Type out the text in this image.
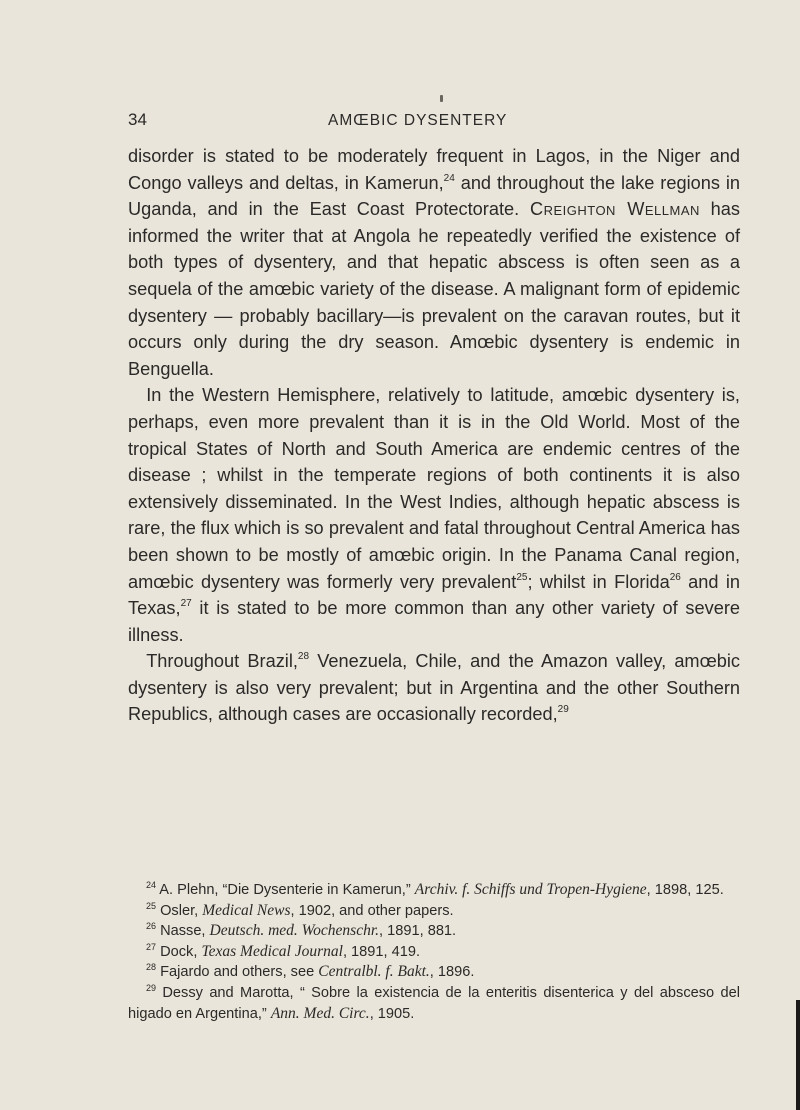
34	AMŒBIC DYSENTERY

disorder is stated to be moderately frequent in Lagos, in the Niger and Congo valleys and deltas, in Kamerun,$^{24}$ and throughout the lake regions in Uganda, and in the East Coast Protectorate. Creighton Wellman has informed the writer that at Angola he repeatedly verified the existence of both types of dysentery, and that hepatic abscess is often seen as a sequela of the amœbic variety of the disease. A malignant form of epidemic dysentery — probably bacillary—is prevalent on the caravan routes, but it occurs only during the dry season. Amœbic dysentery is endemic in Benguella.

 In the Western Hemisphere, relatively to latitude, amœbic dysentery is, perhaps, even more prevalent than it is in the Old World. Most of the tropical States of North and South America are endemic centres of the disease ; whilst in the temperate regions of both continents it is also extensively disseminated. In the West Indies, although hepatic abscess is rare, the flux which is so prevalent and fatal throughout Central America has been shown to be mostly of amœbic origin. In the Panama Canal region, amœbic dysentery was formerly very prevalent$^{25}$; whilst in Florida$^{26}$ and in Texas,$^{27}$ it is stated to be more common than any other variety of severe illness.

 Throughout Brazil,$^{28}$ Venezuela, Chile, and the Amazon valley, amœbic dysentery is also very prevalent; but in Argentina and the other Southern Republics, although cases are occasionally recorded,$^{29}$

$^{24}$ A. Plehn, “Die Dysenterie in Kamerun,” Archiv. f. Schiffs und Tropen-Hygiene, 1898, 125.

$^{25}$ Osler, Medical News, 1902, and other papers.

$^{26}$ Nasse, Deutsch. med. Wochenschr., 1891, 881.

$^{27}$ Dock, Texas Medical Journal, 1891, 419.

$^{28}$ Fajardo and others, see Centralbl. f. Bakt., 1896.

$^{29}$ Dessy and Marotta, “ Sobre la existencia de la enteritis disenterica y del absceso del higado en Argentina,” Ann. Med. Circ., 1905.
